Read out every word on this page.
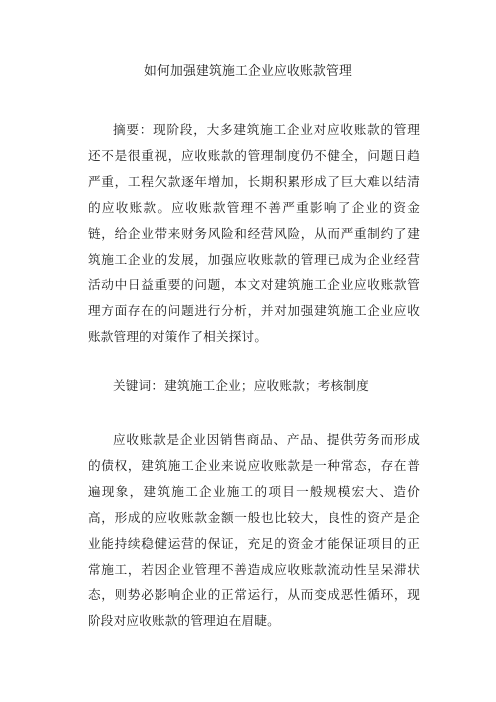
如何加强建筑施工企业应收账款管理

摘要：现阶段，大多建筑施工企业对应收账款的管理还不是很重视，应收账款的管理制度仍不健全，问题日趋严重，工程欠款逐年增加，长期积累形成了巨大难以结清的应收账款。应收账款管理不善严重影响了企业的资金链，给企业带来财务风险和经营风险，从而严重制约了建筑施工企业的发展，加强应收账款的管理已成为企业经营活动中日益重要的问题，本文对建筑施工企业应收账款管理方面存在的问题进行分析，并对加强建筑施工企业应收账款管理的对策作了相关探讨。

关键词：建筑施工企业；应收账款；考核制度

应收账款是企业因销售商品、产品、提供劳务而形成的债权，建筑施工企业来说应收账款是一种常态，存在普遍现象，建筑施工企业施工的项目一般规模宏大、造价高，形成的应收账款金额一般也比较大，良性的资产是企业能持续稳健运营的保证，充足的资金才能保证项目的正常施工，若因企业管理不善造成应收账款流动性呈呆滞状态，则势必影响企业的正常运行，从而变成恶性循环，现阶段对应收账款的管理迫在眉睫。
